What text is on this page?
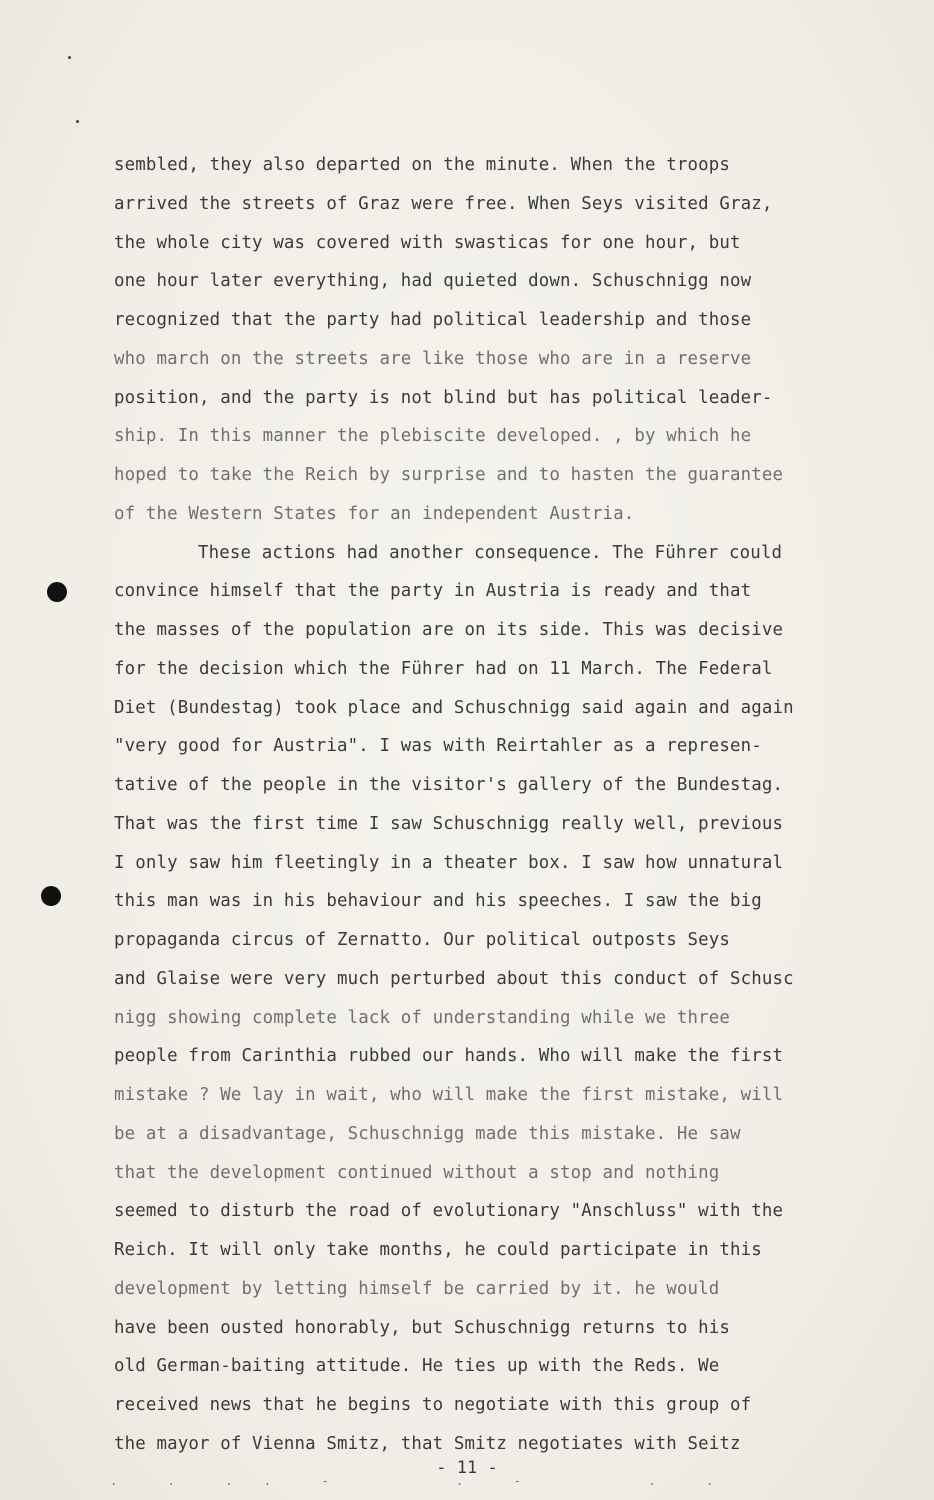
sembled, they also departed on the minute. When the troops
arrived the streets of Graz were free. When Seys visited Graz,
the whole city was covered with swasticas for one hour, but
one hour later everything, had quieted down. Schuschnigg now
recognized that the party had political leadership and those
who march on the streets are like those who are in a reserve
position, and the party is not blind but has political leader-
ship. In this manner the plebiscite developed. , by which he
hoped to take the Reich by surprise and to hasten the guarantee
of the Western States for an independent Austria.
These actions had another consequence. The Führer could
convince himself that the party in Austria is ready and that
the masses of the population are on its side. This was decisive
for the decision which the Führer had on 11 March. The Federal
Diet (Bundestag) took place and Schuschnigg said again and again
"very good for Austria". I was with Reirtahler as a represen-
tative of the people in the visitor's gallery of the Bundestag.
That was the first time I saw Schuschnigg really well, previous
I only saw him fleetingly in a theater box. I saw how unnatural
this man was in his behaviour and his speeches. I saw the big
propaganda circus of Zernatto. Our political outposts Seys
and Glaise were very much perturbed about this conduct of Schusc
nigg showing complete lack of understanding while we three
people from Carinthia rubbed our hands. Who will make the first
mistake ? We lay in wait, who will make the first mistake, will
be at a disadvantage, Schuschnigg made this mistake. He saw
that the development continued without a stop and nothing
seemed to disturb the road of evolutionary "Anschluss" with the
Reich. It will only take months, he could participate in this
development by letting himself be carried by it. he would
have been ousted honorably, but Schuschnigg returns to his
old German-baiting attitude. He ties up with the Reds. We
received news that he begins to negotiate with this group of
the mayor of Vienna Smitz, that Smitz negotiates with Seitz
- 11 -
.  .  . .  -      .  -      .  .
